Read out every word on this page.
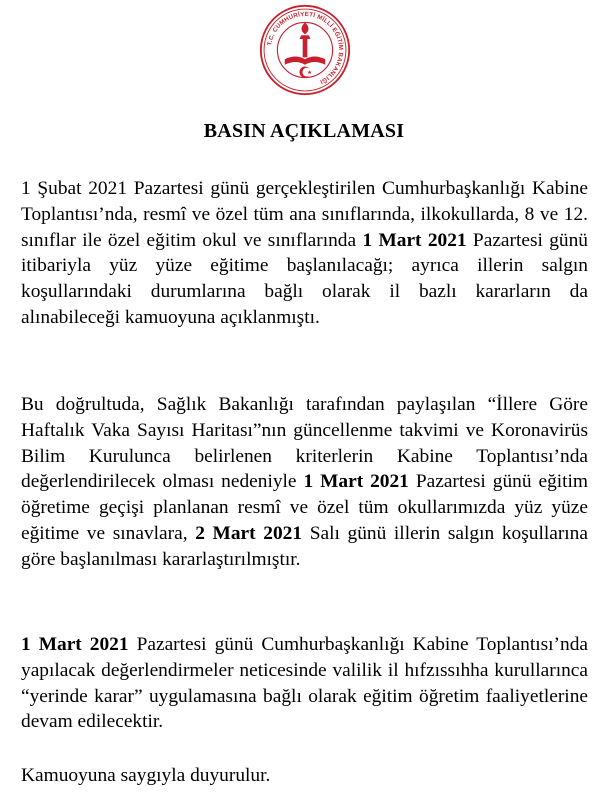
T.C. CUMHURİYETİ MİLLÎ EĞİTİM BAKANLIĞI
BASIN AÇIKLAMASI

1 Şubat 2021 Pazartesi günü gerçekleştirilen Cumhurbaşkanlığı Kabine Toplantısı’nda, resmî ve özel tüm ana sınıflarında, ilkokullarda, 8 ve 12. sınıflar ile özel eğitim okul ve sınıflarında 1 Mart 2021 Pazartesi günü itibariyla yüz yüze eğitime başlanılacağı; ayrıca illerin salgın koşullarındaki durumlarına bağlı olarak il bazlı kararların da alınabileceği kamuoyuna açıklanmıştı.

Bu doğrultuda, Sağlık Bakanlığı tarafından paylaşılan “İllere Göre Haftalık Vaka Sayısı Haritası”nın güncellenme takvimi ve Koronavirüs Bilim Kurulunca belirlenen kriterlerin Kabine Toplantısı’nda değerlendirilecek olması nedeniyle 1 Mart 2021 Pazartesi günü eğitim öğretime geçişi planlanan resmî ve özel tüm okullarımızda yüz yüze eğitime ve sınavlara, 2 Mart 2021 Salı günü illerin salgın koşullarına göre başlanılması kararlaştırılmıştır.

1 Mart 2021 Pazartesi günü Cumhurbaşkanlığı Kabine Toplantısı’nda yapılacak değerlendirmeler neticesinde valilik il hıfzıssıhha kurullarınca “yerinde karar” uygulamasına bağlı olarak eğitim öğretim faaliyetlerine devam edilecektir.

Kamuoyuna saygıyla duyurulur.
